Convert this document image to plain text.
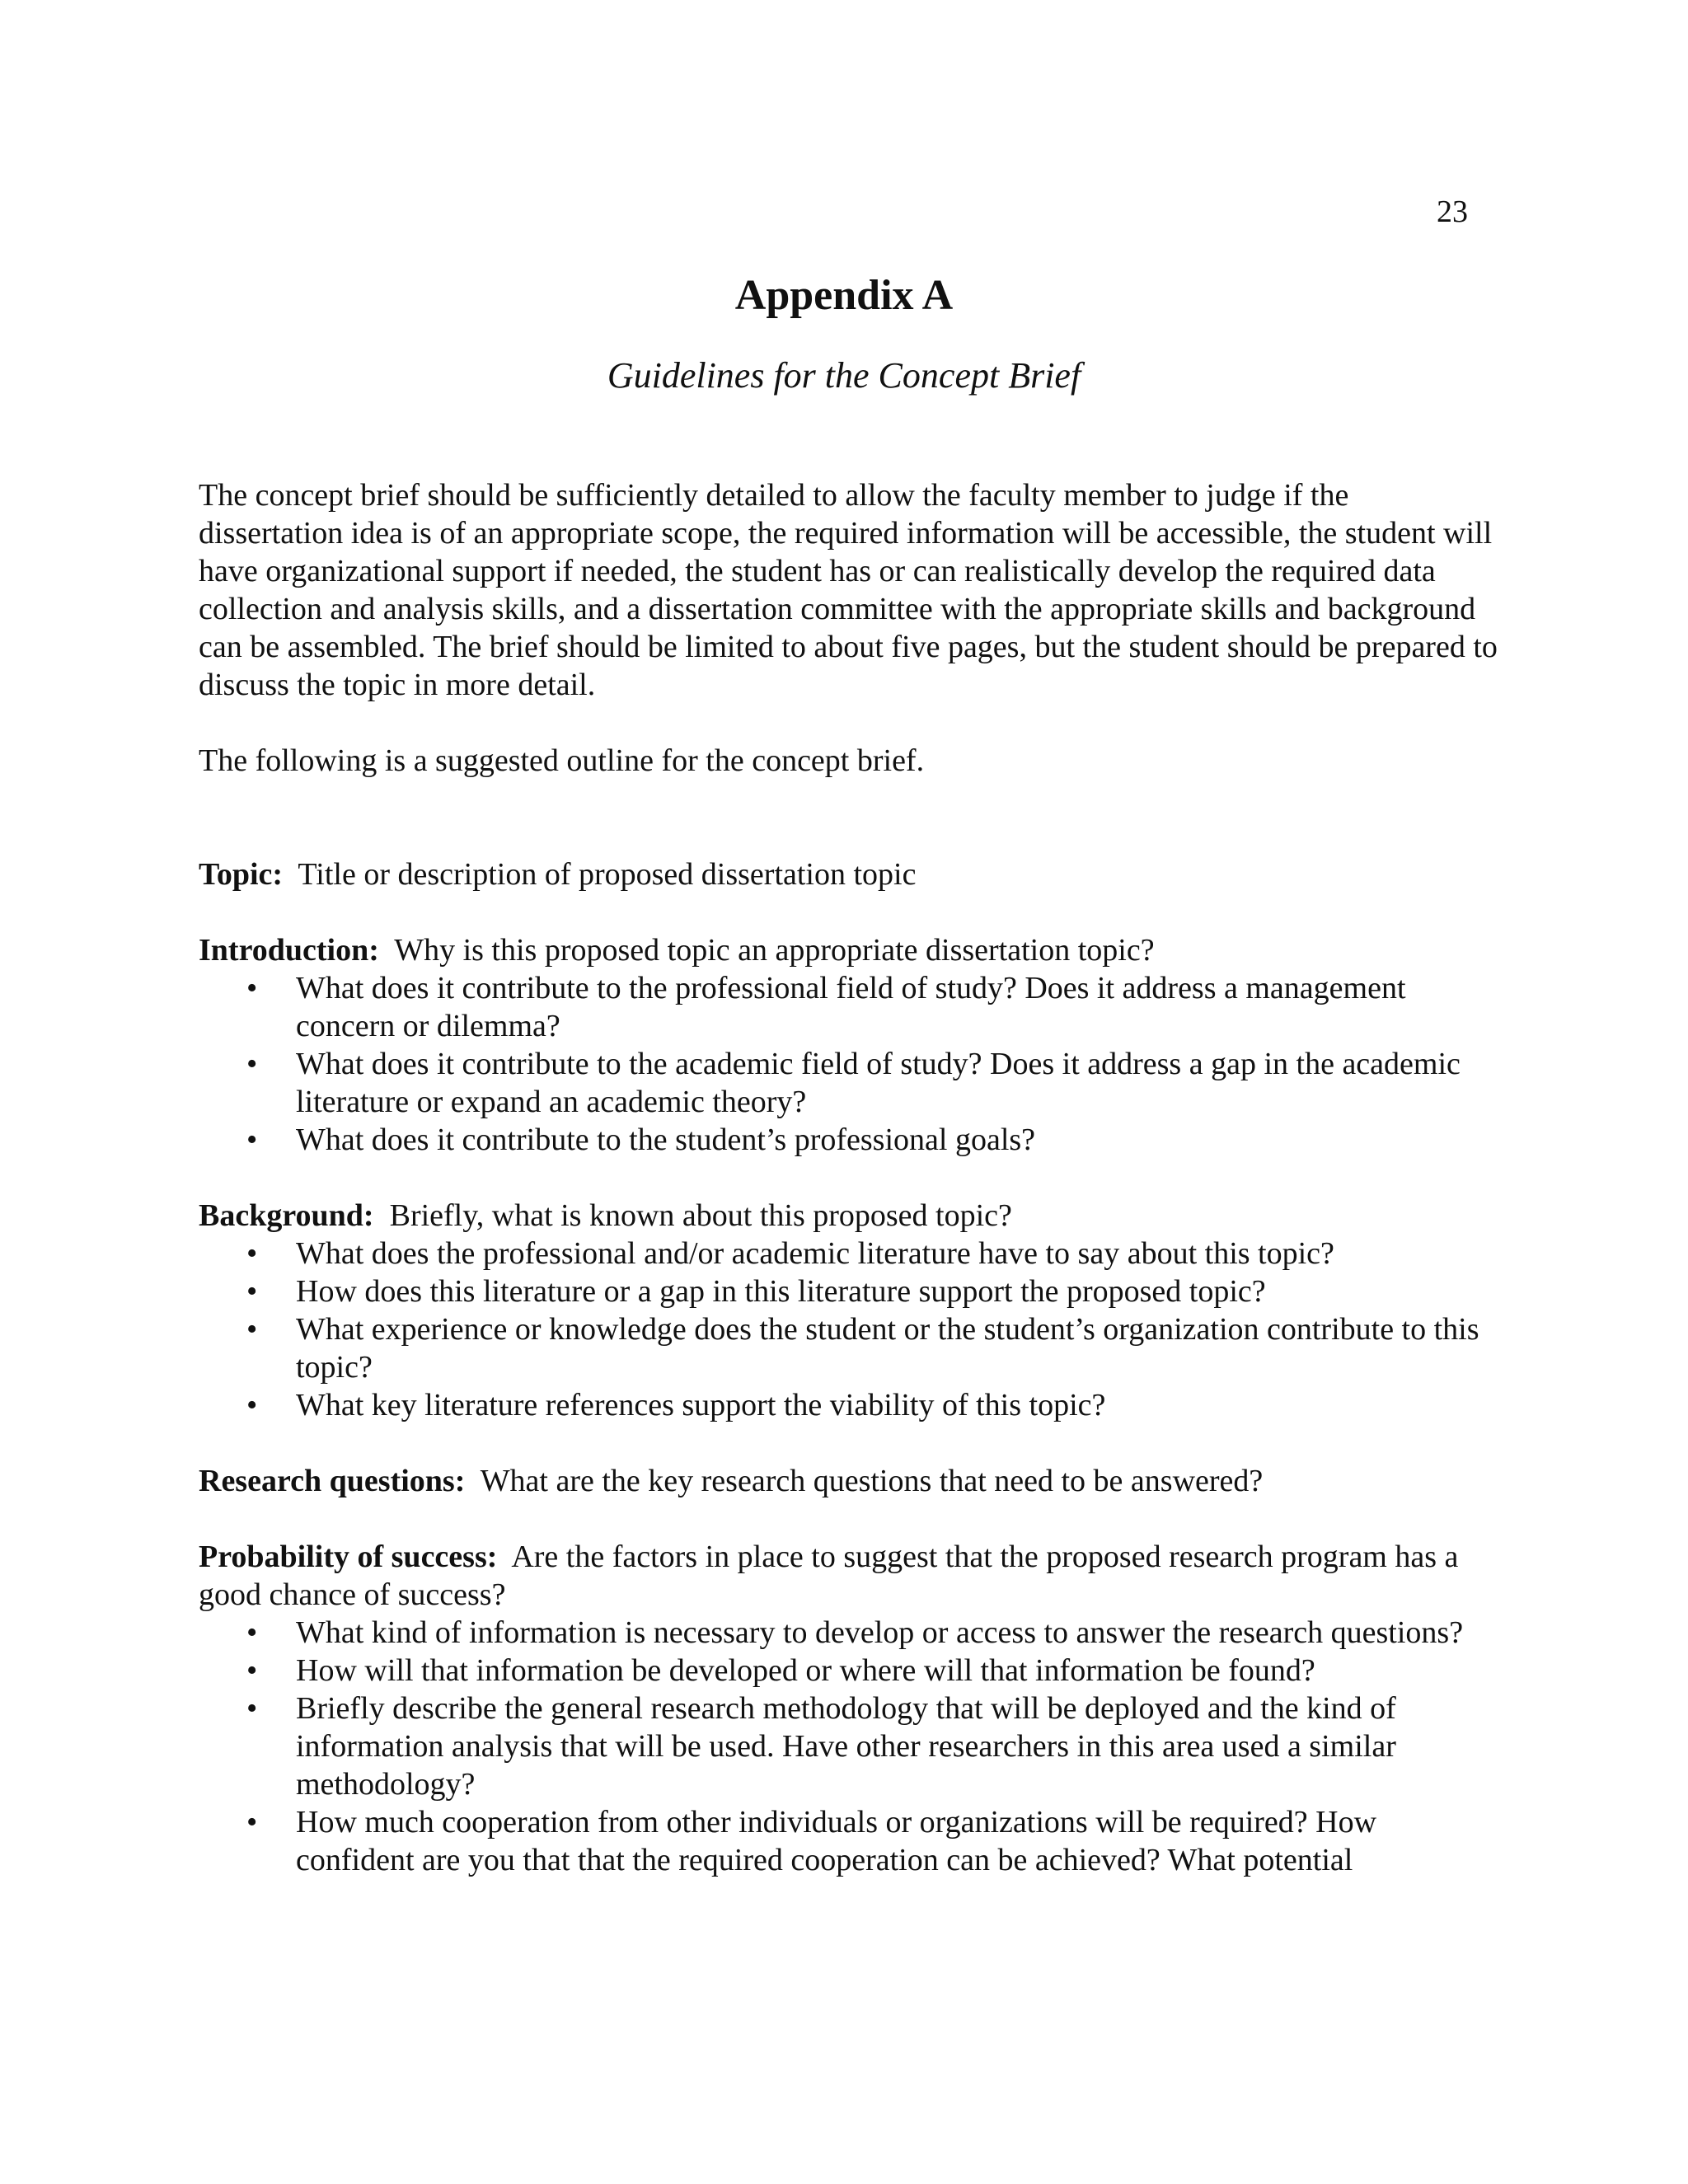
23
Appendix A
Guidelines for the Concept Brief

The concept brief should be sufficiently detailed to allow the faculty member to judge if the dissertation idea is of an appropriate scope, the required information will be accessible, the student will have organizational support if needed, the student has or can realistically develop the required data collection and analysis skills, and a dissertation committee with the appropriate skills and background can be assembled. The brief should be limited to about five pages, but the student should be prepared to discuss the topic in more detail.

The following is a suggested outline for the concept brief.

Topic: Title or description of proposed dissertation topic

Introduction: Why is this proposed topic an appropriate dissertation topic?

• What does it contribute to the professional field of study? Does it address a management concern or dilemma?
• What does it contribute to the academic field of study? Does it address a gap in the academic literature or expand an academic theory?
• What does it contribute to the student’s professional goals?

Background: Briefly, what is known about this proposed topic?

• What does the professional and/or academic literature have to say about this topic?
• How does this literature or a gap in this literature support the proposed topic?
• What experience or knowledge does the student or the student’s organization contribute to this topic?
• What key literature references support the viability of this topic?

Research questions: What are the key research questions that need to be answered?

Probability of success: Are the factors in place to suggest that the proposed research program has a good chance of success?

• What kind of information is necessary to develop or access to answer the research questions?
• How will that information be developed or where will that information be found?
• Briefly describe the general research methodology that will be deployed and the kind of information analysis that will be used. Have other researchers in this area used a similar methodology?
• How much cooperation from other individuals or organizations will be required? How confident are you that that the required cooperation can be achieved? What potential
